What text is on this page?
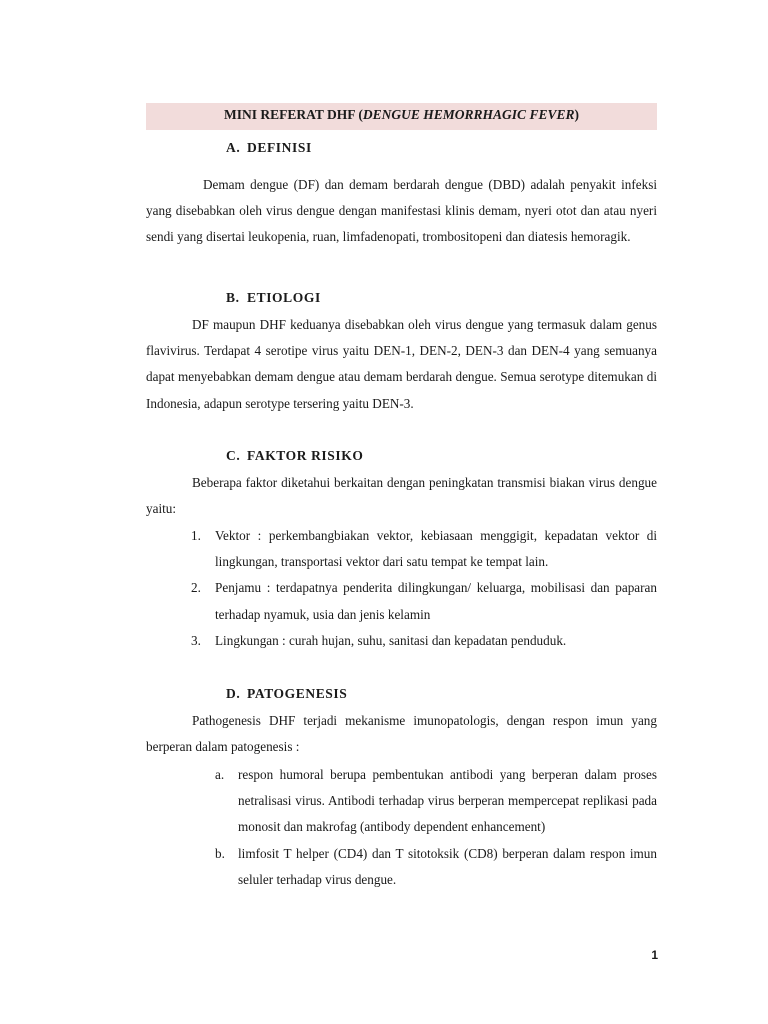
MINI REFERAT DHF (DENGUE HEMORRHAGIC FEVER)
A. DEFINISI

Demam dengue (DF) dan demam berdarah dengue (DBD) adalah penyakit infeksi yang disebabkan oleh virus dengue dengan manifestasi klinis demam, nyeri otot dan atau nyeri sendi yang disertai leukopenia, ruan, limfadenopati, trombositopeni dan diatesis hemoragik.

B. ETIOLOGI

DF maupun DHF keduanya disebabkan oleh virus dengue yang termasuk dalam genus flavivirus. Terdapat 4 serotipe virus yaitu DEN-1, DEN-2, DEN-3 dan DEN-4 yang semuanya dapat menyebabkan demam dengue atau demam berdarah dengue. Semua serotype ditemukan di Indonesia, adapun serotype tersering yaitu DEN-3.

C. FAKTOR RISIKO

Beberapa faktor diketahui berkaitan dengan peningkatan transmisi biakan virus dengue yaitu:

1. Vektor : perkembangbiakan vektor, kebiasaan menggigit, kepadatan vektor di lingkungan, transportasi vektor dari satu tempat ke tempat lain.
2. Penjamu : terdapatnya penderita dilingkungan/ keluarga, mobilisasi dan paparan terhadap nyamuk, usia dan jenis kelamin
3. Lingkungan : curah hujan, suhu, sanitasi dan kepadatan penduduk.
D. PATOGENESIS

Pathogenesis DHF terjadi mekanisme imunopatologis, dengan respon imun yang berperan dalam patogenesis :

a. respon humoral berupa pembentukan antibodi yang berperan dalam proses netralisasi virus. Antibodi terhadap virus berperan mempercepat replikasi pada monosit dan makrofag (antibody dependent enhancement)
b. limfosit T helper (CD4) dan T sitotoksik (CD8) berperan dalam respon imun seluler terhadap virus dengue.
1
